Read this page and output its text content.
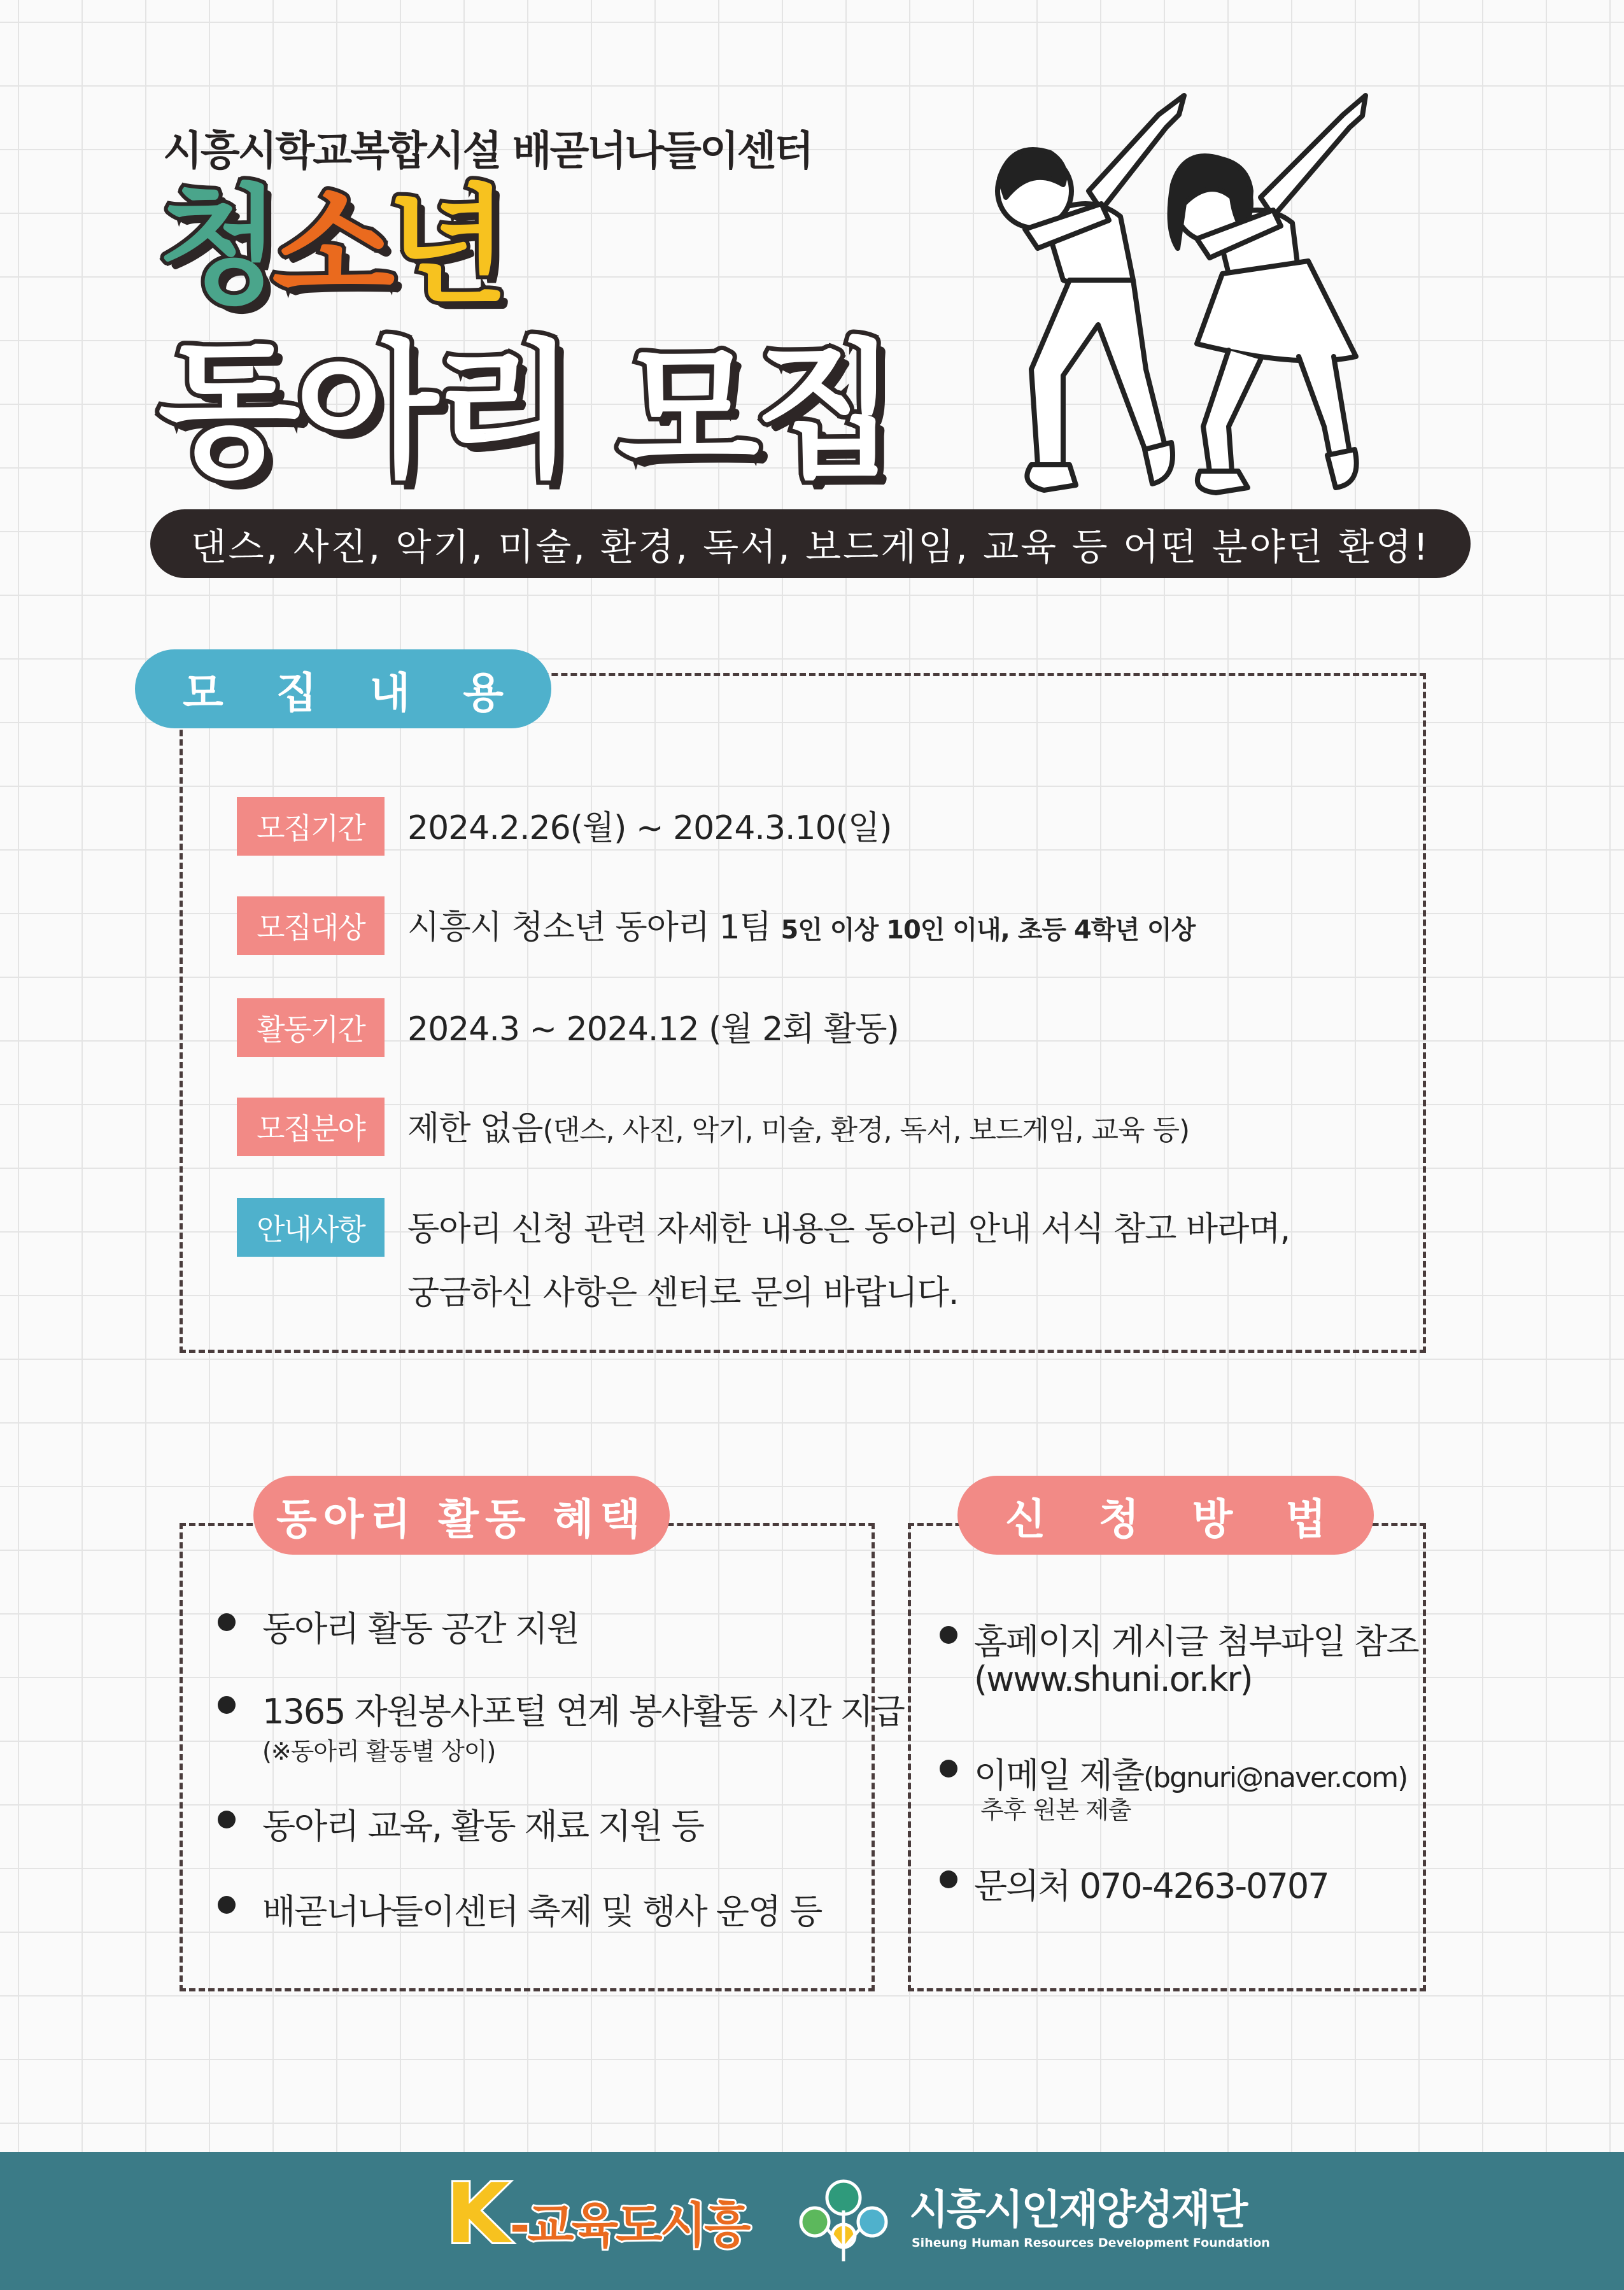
시흥시학교복합시설 배곧너나들이센터
청소년
동아리 모집
댄스, 사진, 악기, 미술, 환경, 독서, 보드게임, 교육 등 어떤 분야던 환영!
모 집 내 용
모집기간	2024.2.26(월) ~ 2024.3.10(일)
모집대상	시흥시 청소년 동아리 1팀 5인 이상 10인 이내, 초등 4학년 이상
활동기간	2024.3 ~ 2024.12 (월 2회 활동)
모집분야	제한 없음(댄스, 사진, 악기, 미술, 환경, 독서, 보드게임, 교육 등)
안내사항	동아리 신청 관련 자세한 내용은 동아리 안내 서식 참고 바라며,
궁금하신 사항은 센터로 문의 바랍니다.
동아리 활동 혜택
동아리 활동 공간 지원
1365 자원봉사포털 연계 봉사활동 시간 지급
(※동아리 활동별 상이)
동아리 교육, 활동 재료 지원 등
배곧너나들이센터 축제 및 행사 운영 등
신 청 방 법
홈페이지 게시글 첨부파일 참조
(www.shuni.or.kr)
이메일 제출(bgnuri@naver.com)
추후 원본 제출
문의처 070-4263-0707
K-교육도시흥	시흥시인재양성재단
Siheung Human Resources Development Foundation
